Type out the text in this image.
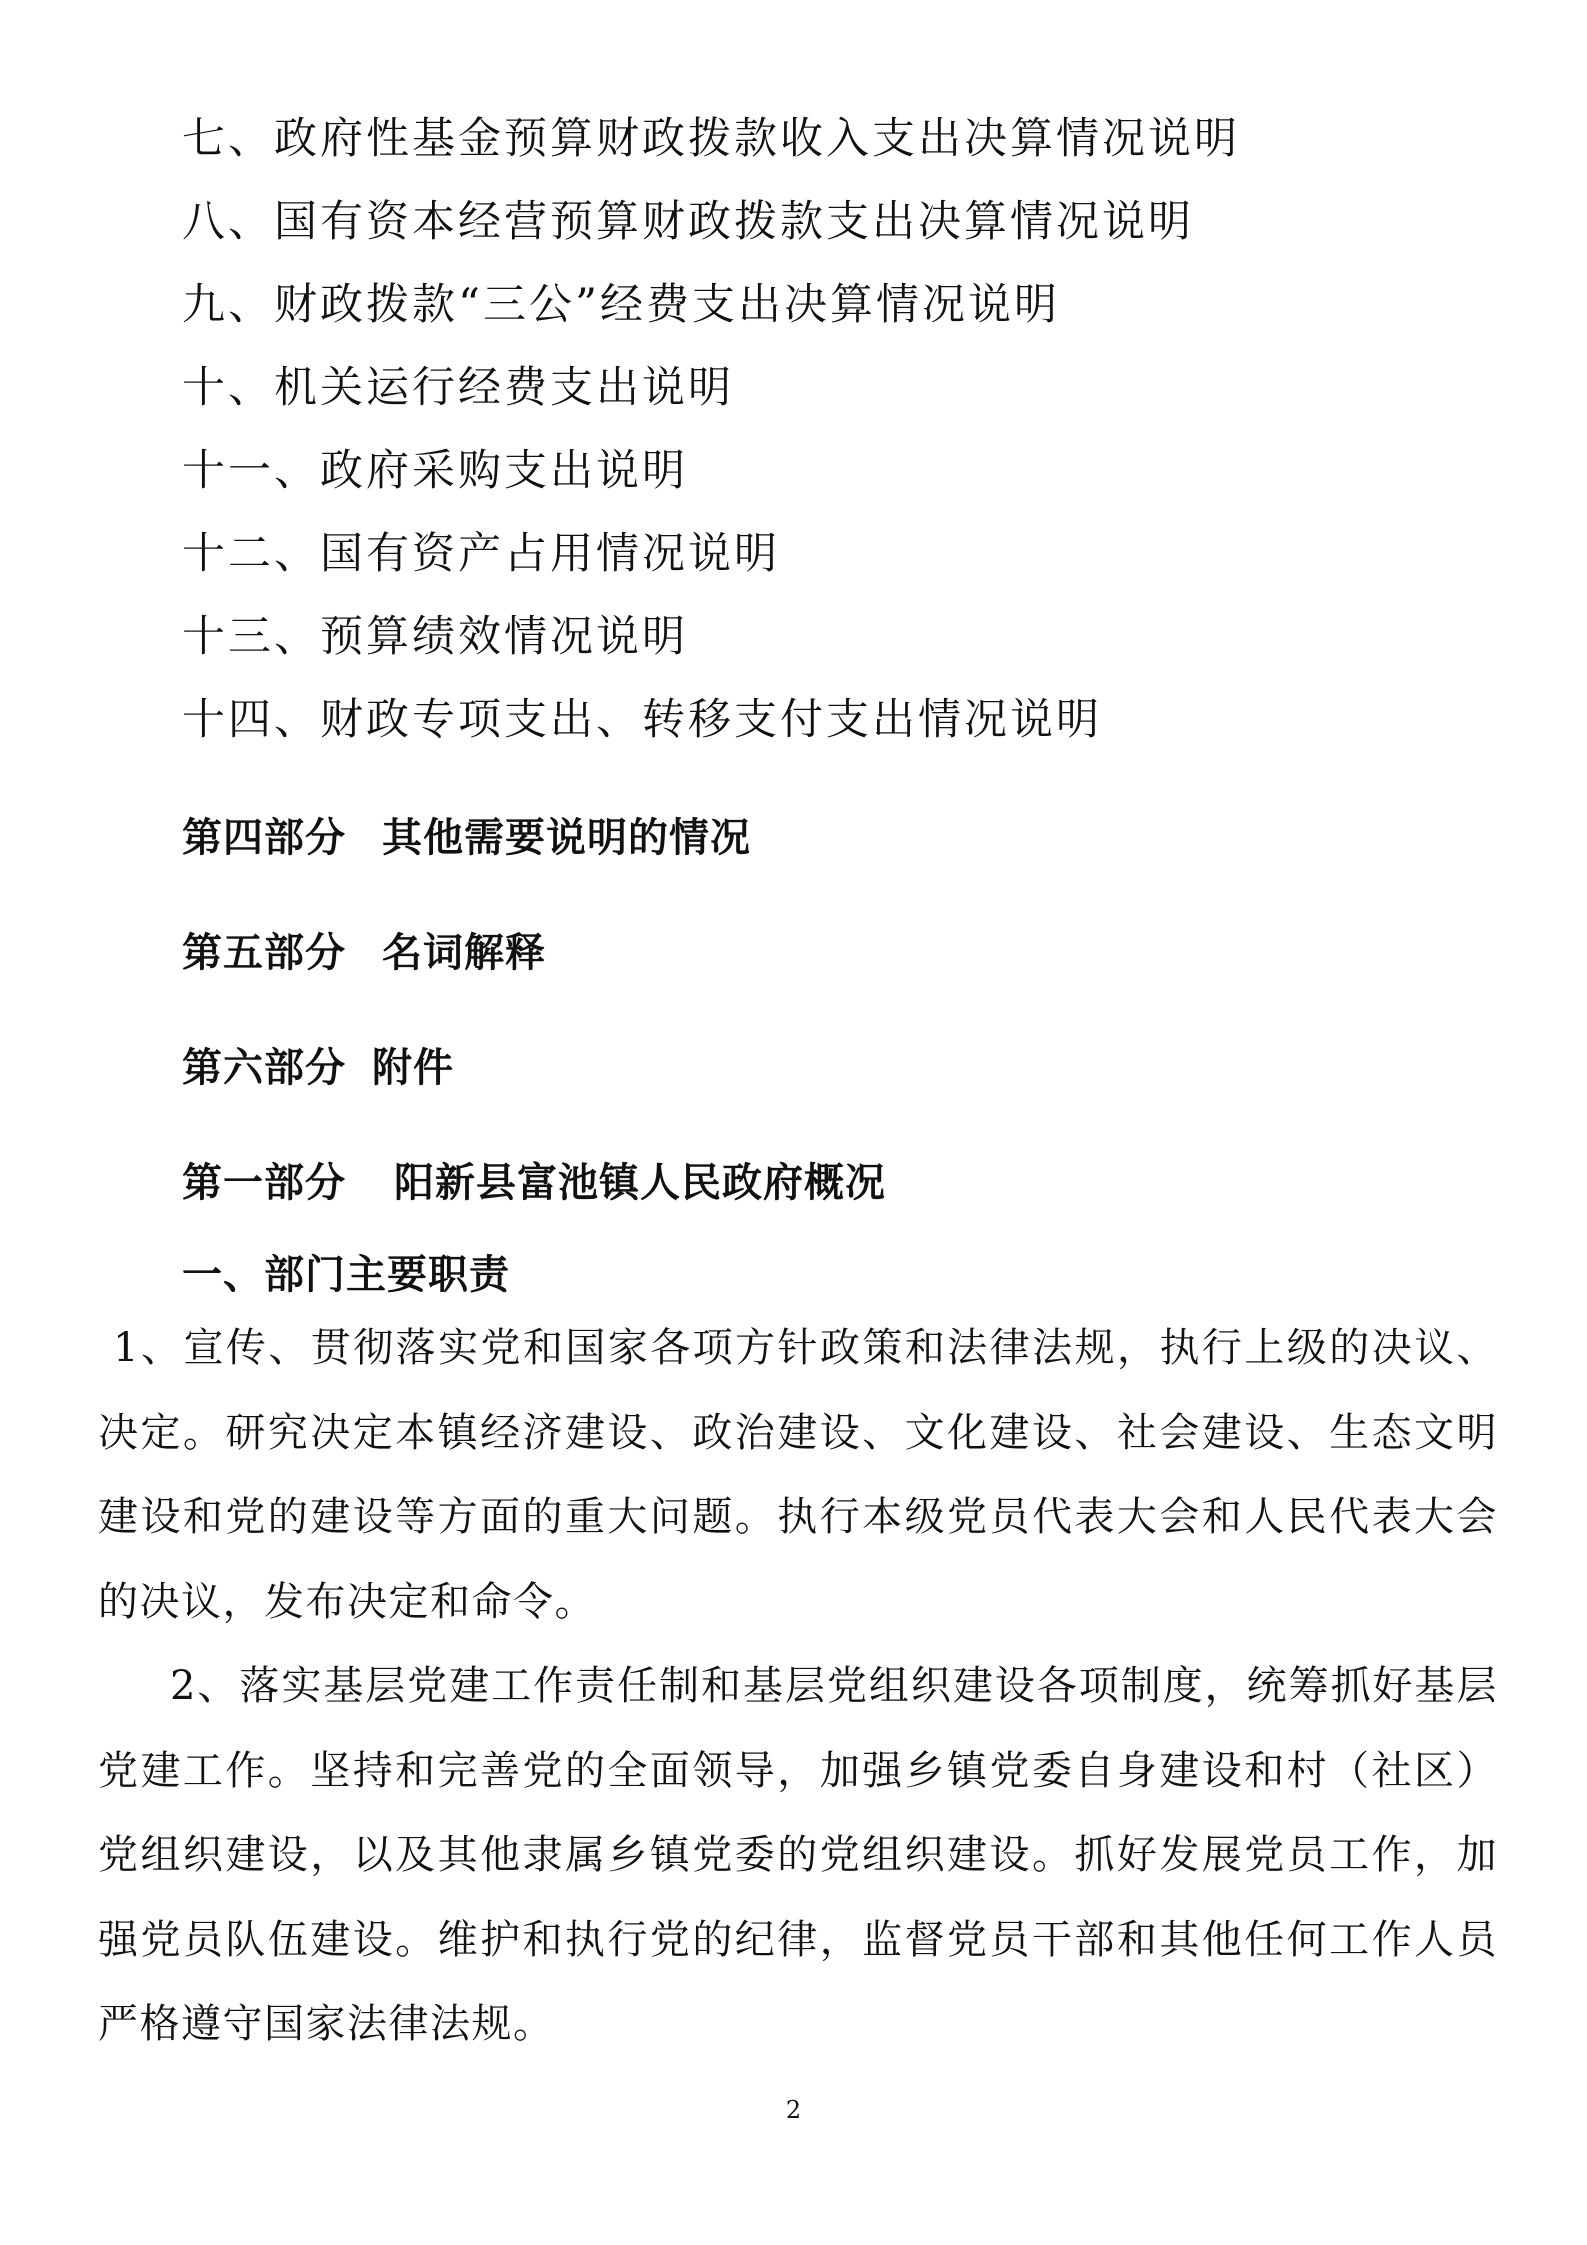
七、政府性基金预算财政拨款收入支出决算情况说明
八、国有资本经营预算财政拨款支出决算情况说明
九、财政拨款“三公”经费支出决算情况说明
十、机关运行经费支出说明
十一、政府采购支出说明
十二、国有资产占用情况说明
十三、预算绩效情况说明
十四、财政专项支出、转移支付支出情况说明
第四部分 其他需要说明的情况
第五部分 名词解释
第六部分 附件
第一部分 阳新县富池镇人民政府概况
一、部门主要职责

1、宣传、贯彻落实党和国家各项方针政策和法律法规，执行上级的决议、决定。研究决定本镇经济建设、政治建设、文化建设、社会建设、生态文明建设和党的建设等方面的重大问题。执行本级党员代表大会和人民代表大会的决议，发布决定和命令。

2、落实基层党建工作责任制和基层党组织建设各项制度，统筹抓好基层党建工作。坚持和完善党的全面领导，加强乡镇党委自身建设和村（社区）党组织建设，以及其他隶属乡镇党委的党组织建设。抓好发展党员工作，加强党员队伍建设。维护和执行党的纪律，监督党员干部和其他任何工作人员严格遵守国家法律法规。

2
